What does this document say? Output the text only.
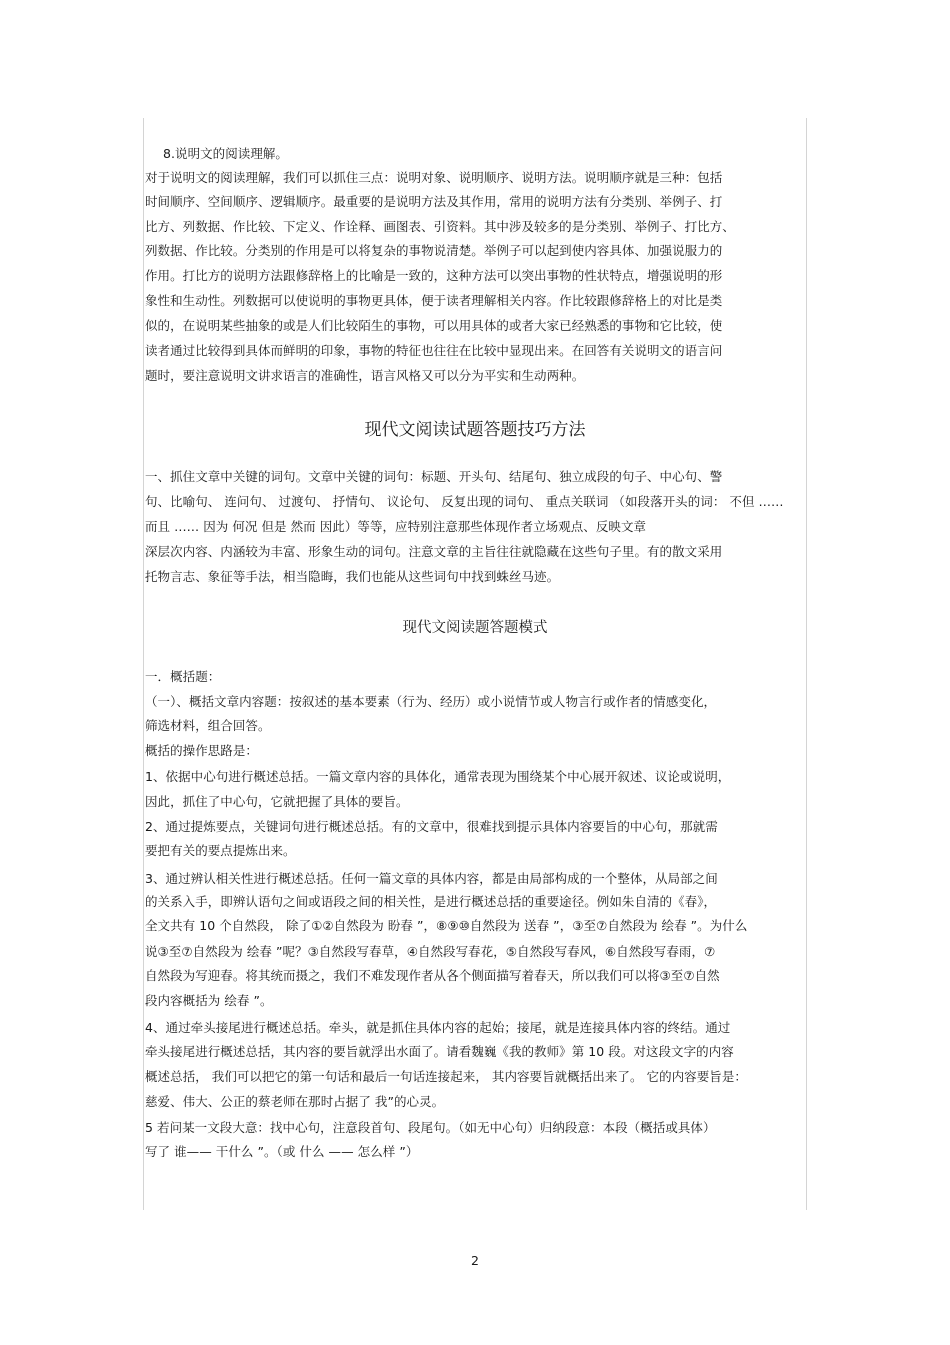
8.说明文的阅读理解。
对于说明文的阅读理解，我们可以抓住三点：说明对象、说明顺序、说明方法。说明顺序就是三种：包括
时间顺序、空间顺序、逻辑顺序。最重要的是说明方法及其作用，常用的说明方法有分类别、举例子、打
比方、列数据、作比较、下定义、作诠释、画图表、引资料。其中涉及较多的是分类别、举例子、打比方、
列数据、作比较。分类别的作用是可以将复杂的事物说清楚。举例子可以起到使内容具体、加强说服力的
作用。打比方的说明方法跟修辞格上的比喻是一致的，这种方法可以突出事物的性状特点，增强说明的形
象性和生动性。列数据可以使说明的事物更具体，便于读者理解相关内容。作比较跟修辞格上的对比是类
似的，在说明某些抽象的或是人们比较陌生的事物，可以用具体的或者大家已经熟悉的事物和它比较，使
读者通过比较得到具体而鲜明的印象，事物的特征也往往在比较中显现出来。在回答有关说明文的语言问
题时，要注意说明文讲求语言的准确性，语言风格又可以分为平实和生动两种。
现代文阅读试题答题技巧方法
一、抓住文章中关键的词句。文章中关键的词句：标题、开头句、结尾句、独立成段的句子、中心句、警
句、比喻句、 连问句、 过渡句、 抒情句、 议论句、 反复出现的词句、 重点关联词 （如段落开头的词： 不但 ……
而且 …… 因为 何况 但是 然而 因此）等等，应特别注意那些体现作者立场观点、反映文章
深层次内容、内涵较为丰富、形象生动的词句。注意文章的主旨往往就隐藏在这些句子里。有的散文采用
托物言志、象征等手法，相当隐晦，我们也能从这些词句中找到蛛丝马迹。
现代文阅读题答题模式
一．概括题：
（一）、概括文章内容题：按叙述的基本要素（行为、经历）或小说情节或人物言行或作者的情感变化，
筛选材料，组合回答。
概括的操作思路是：
1、依据中心句进行概述总括。一篇文章内容的具体化，通常表现为围绕某个中心展开叙述、议论或说明，
因此，抓住了中心句，它就把握了具体的要旨。
2、通过提炼要点，关键词句进行概述总括。有的文章中，很难找到提示具体内容要旨的中心句，那就需
要把有关的要点提炼出来。
3、通过辨认相关性进行概述总括。任何一篇文章的具体内容，都是由局部构成的一个整体，从局部之间
的关系入手，即辨认语句之间或语段之间的相关性，是进行概述总括的重要途径。例如朱自清的《春》，
全文共有 10 个自然段， 除了①②自然段为 盼春 ”，⑧⑨⑩自然段为 送春 ”，③至⑦自然段为 绘春 ”。为什么
说③至⑦自然段为 绘春 ”呢？③自然段写春草，④自然段写春花，⑤自然段写春风，⑥自然段写春雨，⑦
自然段为写迎春。将其统而摄之，我们不难发现作者从各个侧面描写着春天，所以我们可以将③至⑦自然
段内容概括为 绘春 ”。
4、通过牵头接尾进行概述总括。牵头，就是抓住具体内容的起始；接尾，就是连接具体内容的终结。通过
牵头接尾进行概述总括，其内容的要旨就浮出水面了。请看魏巍《我的教师》第 10 段。对这段文字的内容
概述总括， 我们可以把它的第一句话和最后一句话连接起来， 其内容要旨就概括出来了。 它的内容要旨是：
慈爱、伟大、公正的蔡老师在那时占据了 我”的心灵。
5 若问某一文段大意：找中心句，注意段首句、段尾句。（如无中心句）归纳段意：本段（概括或具体）
写了 谁—— 干什么 ”。（或 什么 —— 怎么样 ”）
2
